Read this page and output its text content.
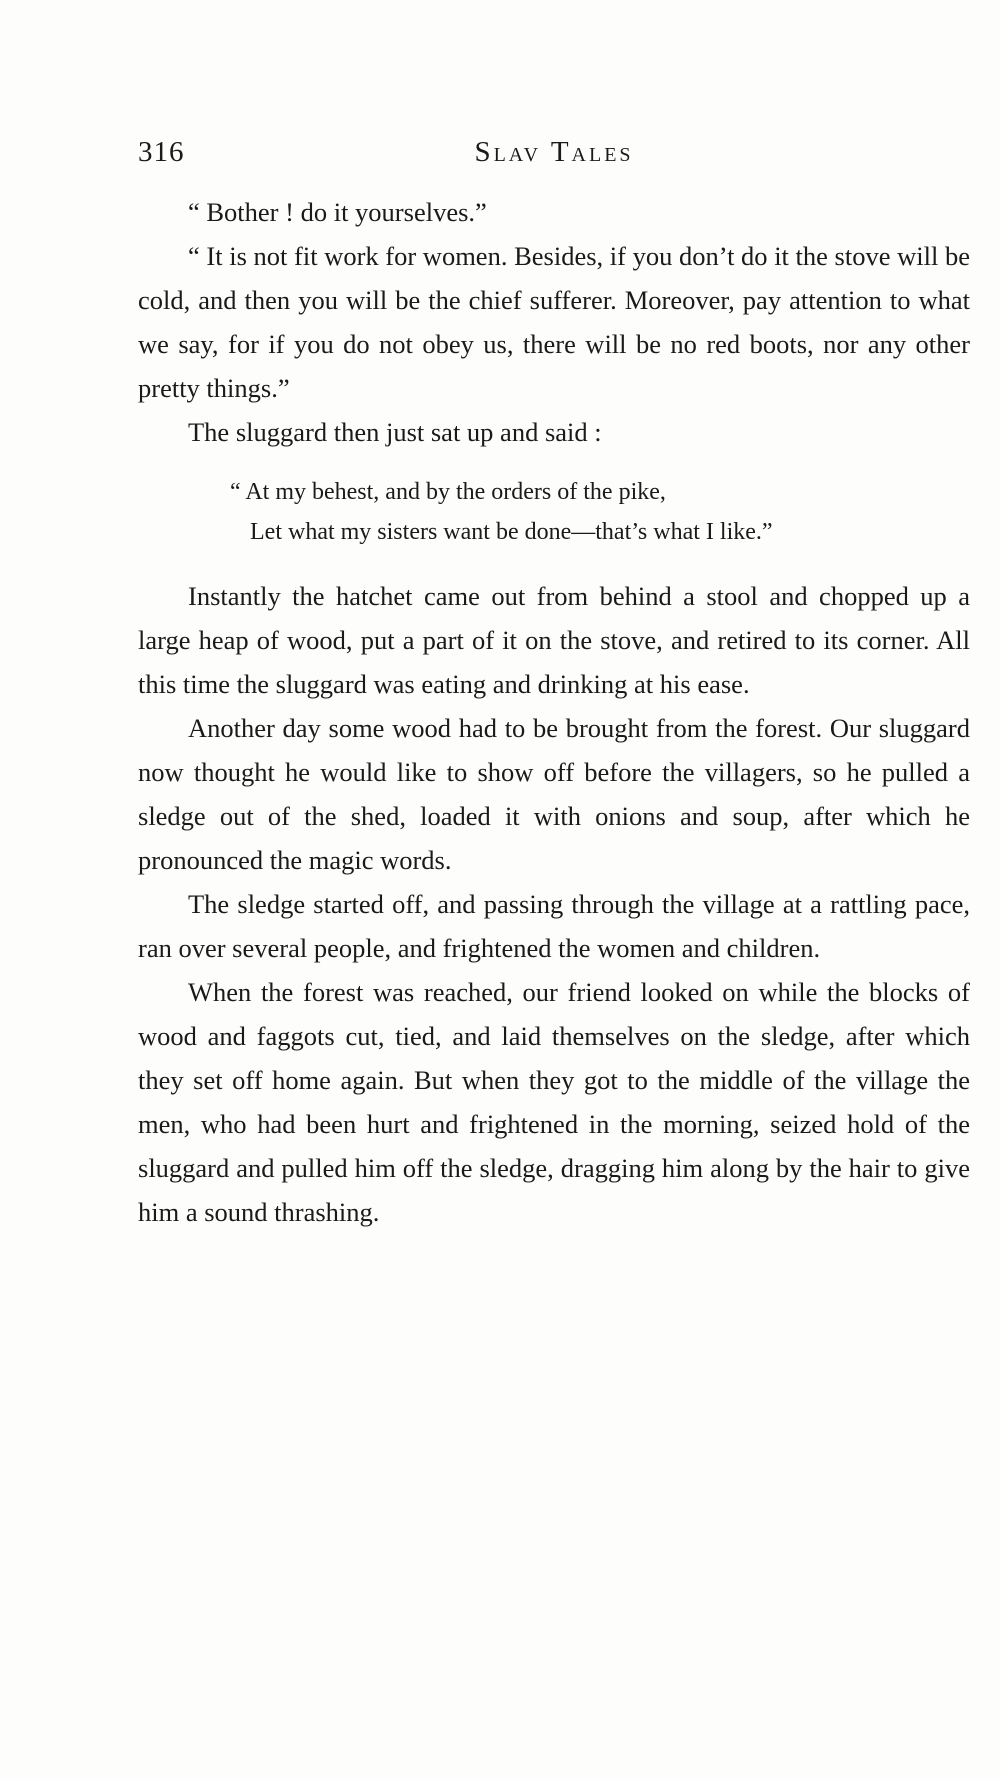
316	Slav Tales

“ Bother ! do it yourselves.”

“ It is not fit work for women. Besides, if you don’t do it the stove will be cold, and then you will be the chief sufferer. Moreover, pay attention to what we say, for if you do not obey us, there will be no red boots, nor any other pretty things.”

The sluggard then just sat up and said :

“ At my behest, and by the orders of the pike,
Let what my sisters want be done—that’s what I like.”

Instantly the hatchet came out from behind a stool and chopped up a large heap of wood, put a part of it on the stove, and retired to its corner. All this time the sluggard was eating and drinking at his ease.

Another day some wood had to be brought from the forest. Our sluggard now thought he would like to show off before the villagers, so he pulled a sledge out of the shed, loaded it with onions and soup, after which he pronounced the magic words.

The sledge started off, and passing through the village at a rattling pace, ran over several people, and frightened the women and children.

When the forest was reached, our friend looked on while the blocks of wood and faggots cut, tied, and laid themselves on the sledge, after which they set off home again. But when they got to the middle of the village the men, who had been hurt and frightened in the morning, seized hold of the sluggard and pulled him off the sledge, dragging him along by the hair to give him a sound thrashing.
